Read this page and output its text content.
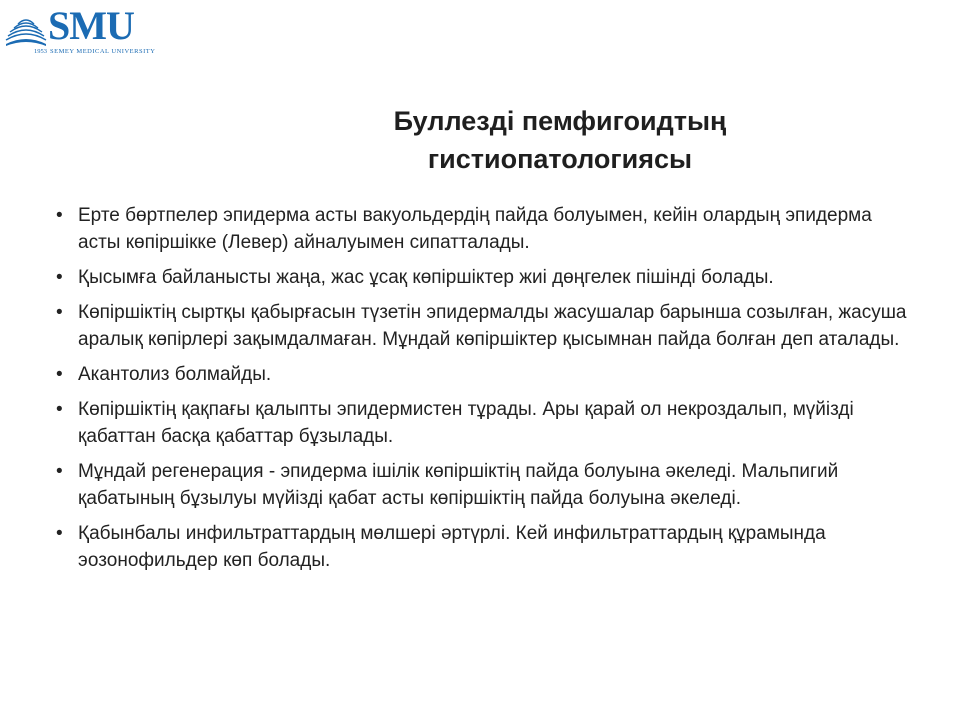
SMU
1953 SEMEY MEDICAL UNIVERSITY
Буллезді пемфигоидтың
гистиопатологиясы
• Ерте бөртпелер эпидерма асты вакуольдердің пайда болуымен, кейін олардың эпидерма асты көпіршікке (Левер) айналуымен сипатталады.
• Қысымға байланысты жаңа, жас ұсақ көпіршіктер жиі дөңгелек пішінді болады.
• Көпіршіктің сыртқы қабырғасын түзетін эпидермалды жасушалар барынша созылған, жасуша аралық көпірлері зақымдалмаған. Мұндай көпіршіктер қысымнан пайда болған деп аталады.
• Акантолиз болмайды.
• Көпіршіктің қақпағы қалыпты эпидермистен тұрады. Ары қарай ол некроздалып, мүйізді қабаттан басқа қабаттар бұзылады.
• Мұндай регенерация - эпидерма ішілік көпіршіктің пайда болуына әкеледі. Мальпигий қабатының бұзылуы мүйізді қабат асты көпіршіктің пайда болуына әкеледі.
• Қабынбалы инфильтраттардың мөлшері әртүрлі. Кей инфильтраттардың құрамында эозонофильдер көп болады.
